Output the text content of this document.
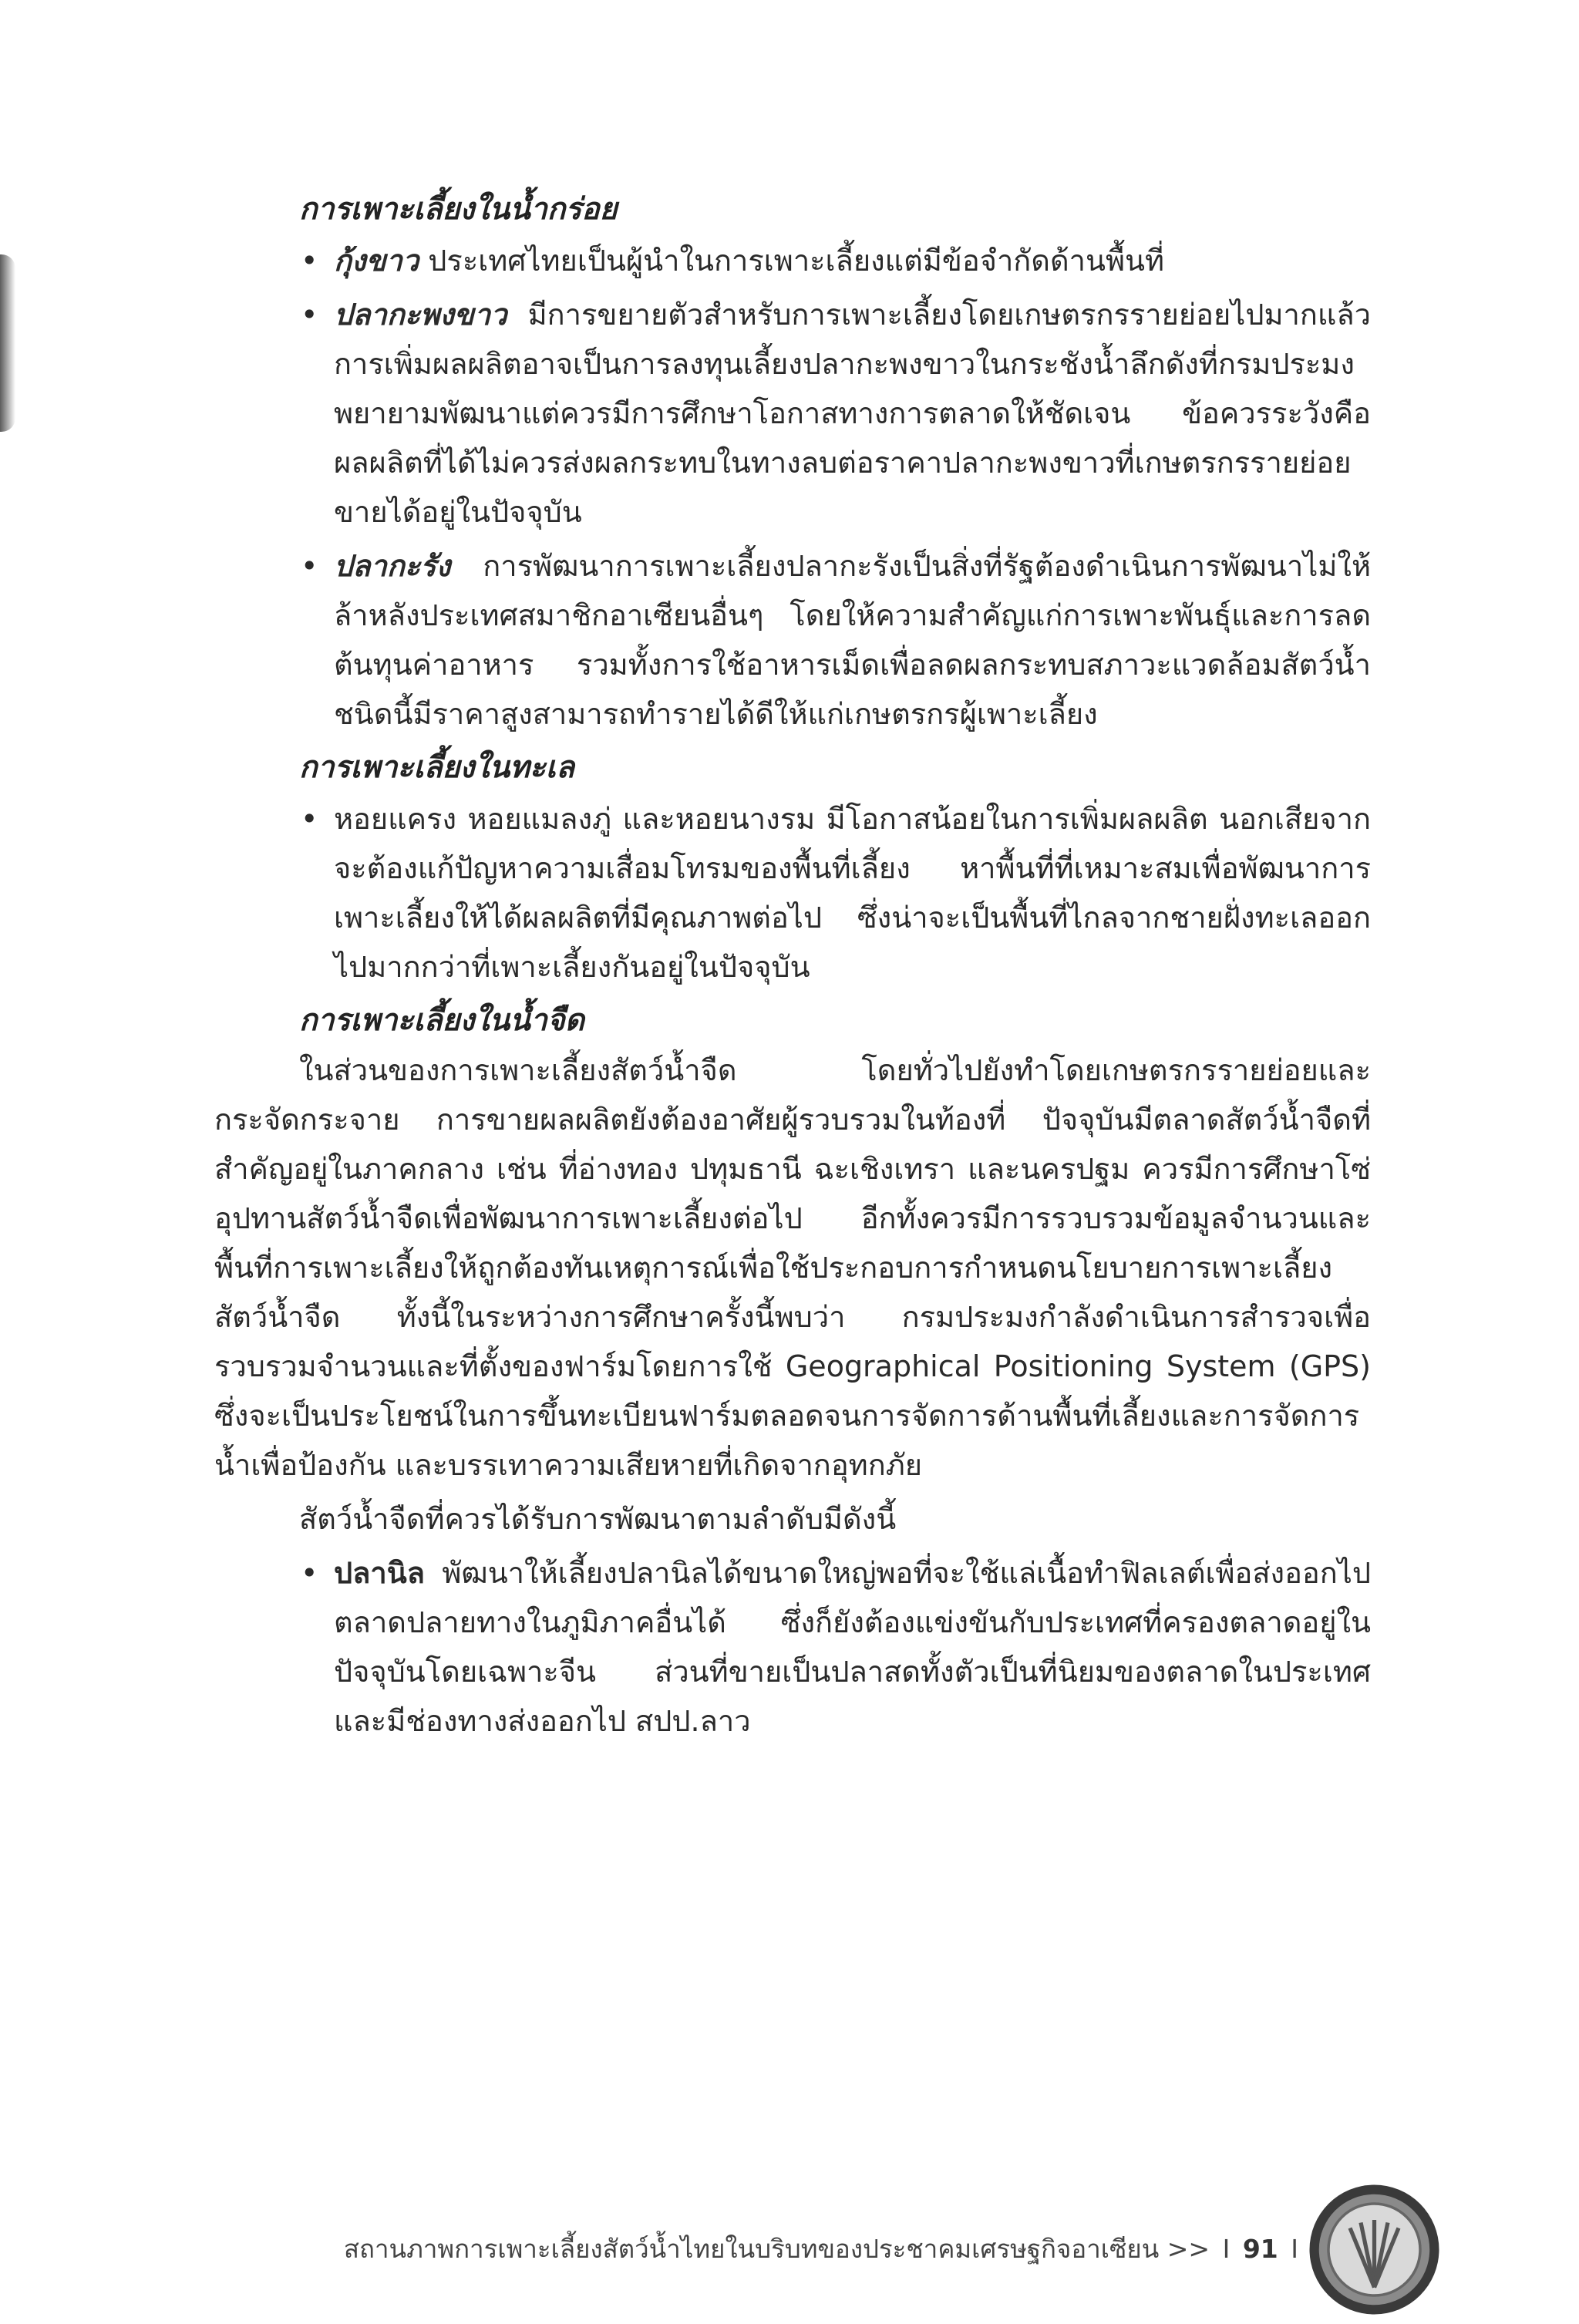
การเพาะเลี้ยงในน้ำกร่อย
• กุ้งขาว ประเทศไทยเป็นผู้นำในการเพาะเลี้ยงแต่มีข้อจำกัดด้านพื้นที่
• ปลากะพงขาว มีการขยายตัวสำหรับการเพาะเลี้ยงโดยเกษตรกรรายย่อยไปมากแล้ว การเพิ่มผลผลิตอาจเป็นการลงทุนเลี้ยงปลากะพงขาวในกระชังน้ำลึกดังที่กรมประมงพยายามพัฒนาแต่ควรมีการศึกษาโอกาสทางการตลาดให้ชัดเจน ข้อควรระวังคือผลผลิตที่ได้ไม่ควรส่งผลกระทบในทางลบต่อราคาปลากะพงขาวที่เกษตรกรรายย่อยขายได้อยู่ในปัจจุบัน
• ปลากะรัง การพัฒนาการเพาะเลี้ยงปลากะรังเป็นสิ่งที่รัฐต้องดำเนินการพัฒนาไม่ให้ล้าหลังประเทศสมาชิกอาเซียนอื่นๆ โดยให้ความสำคัญแก่การเพาะพันธุ์และการลดต้นทุนค่าอาหาร รวมทั้งการใช้อาหารเม็ดเพื่อลดผลกระทบสภาวะแวดล้อมสัตว์น้ำชนิดนี้มีราคาสูงสามารถทำรายได้ดีให้แก่เกษตรกรผู้เพาะเลี้ยง
การเพาะเลี้ยงในทะเล
• หอยแครง หอยแมลงภู่ และหอยนางรม มีโอกาสน้อยในการเพิ่มผลผลิต นอกเสียจากจะต้องแก้ปัญหาความเสื่อมโทรมของพื้นที่เลี้ยง หาพื้นที่ที่เหมาะสมเพื่อพัฒนาการเพาะเลี้ยงให้ได้ผลผลิตที่มีคุณภาพต่อไป ซึ่งน่าจะเป็นพื้นที่ไกลจากชายฝั่งทะเลออกไปมากกว่าที่เพาะเลี้ยงกันอยู่ในปัจจุบัน
การเพาะเลี้ยงในน้ำจืด

ในส่วนของการเพาะเลี้ยงสัตว์น้ำจืด โดยทั่วไปยังทำโดยเกษตรกรรายย่อยและกระจัดกระจาย การขายผลผลิตยังต้องอาศัยผู้รวบรวมในท้องที่ ปัจจุบันมีตลาดสัตว์น้ำจืดที่สำคัญอยู่ในภาคกลาง เช่น ที่อ่างทอง ปทุมธานี ฉะเชิงเทรา และนครปฐม ควรมีการศึกษาโซ่อุปทานสัตว์น้ำจืดเพื่อพัฒนาการเพาะเลี้ยงต่อไป อีกทั้งควรมีการรวบรวมข้อมูลจำนวนและพื้นที่การเพาะเลี้ยงให้ถูกต้องทันเหตุการณ์เพื่อใช้ประกอบการกำหนดนโยบายการเพาะเลี้ยงสัตว์น้ำจืด ทั้งนี้ในระหว่างการศึกษาครั้งนี้พบว่า กรมประมงกำลังดำเนินการสำรวจเพื่อรวบรวมจำนวนและที่ตั้งของฟาร์มโดยการใช้ Geographical Positioning System (GPS) ซึ่งจะเป็นประโยชน์ในการขึ้นทะเบียนฟาร์มตลอดจนการจัดการด้านพื้นที่เลี้ยงและการจัดการน้ำเพื่อป้องกัน และบรรเทาความเสียหายที่เกิดจากอุทกภัย

สัตว์น้ำจืดที่ควรได้รับการพัฒนาตามลำดับมีดังนี้

• ปลานิล พัฒนาให้เลี้ยงปลานิลได้ขนาดใหญ่พอที่จะใช้แล่เนื้อทำฟิลเลต์เพื่อส่งออกไปตลาดปลายทางในภูมิภาคอื่นได้ ซึ่งก็ยังต้องแข่งขันกับประเทศที่ครองตลาดอยู่ในปัจจุบันโดยเฉพาะจีน ส่วนที่ขายเป็นปลาสดทั้งตัวเป็นที่นิยมของตลาดในประเทศ และมีช่องทางส่งออกไป สปป.ลาว
สถานภาพการเพาะเลี้ยงสัตว์น้ำไทยในบริบทของประชาคมเศรษฐกิจอาเซียน >> I 91 I
